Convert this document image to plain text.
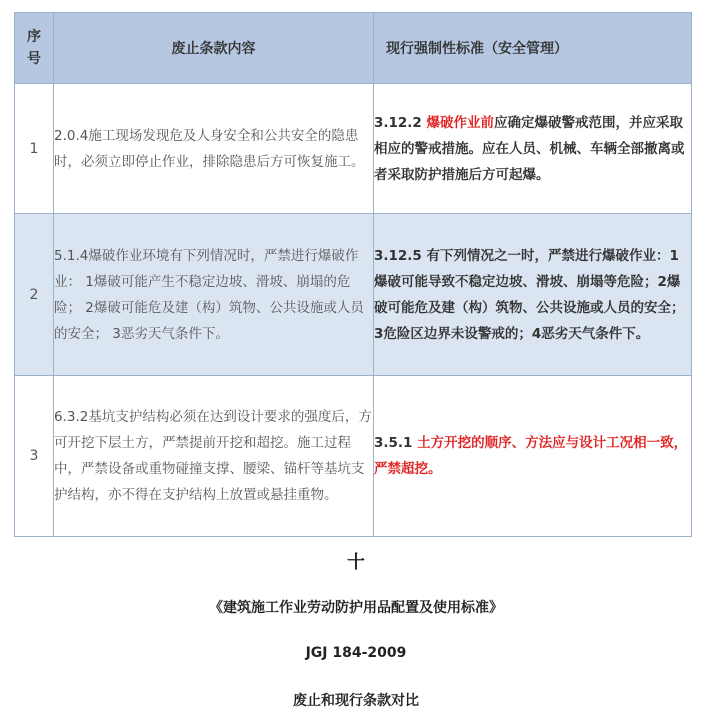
序
号	废止条款内容	现行强制性标准（安全管理）
1	2.0.4施工现场发现危及人身安全和公共安全的隐患时，必须立即停止作业，排除隐患后方可恢复施工。	3.12.2 爆破作业前应确定爆破警戒范围，并应采取相应的警戒措施。应在人员、机械、车辆全部撤离或者采取防护措施后方可起爆。
2	5.1.4爆破作业环境有下列情况时，严禁进行爆破作业： 1爆破可能产生不稳定边坡、滑坡、崩塌的危险； 2爆破可能危及建（构）筑物、公共设施或人员的安全； 3恶劣天气条件下。	3.12.5 有下列情况之一时，严禁进行爆破作业：1爆破可能导致不稳定边坡、滑坡、崩塌等危险；2爆破可能危及建（构）筑物、公共设施或人员的安全；3危险区边界未设警戒的；4恶劣天气条件下。
3	6.3.2基坑支护结构必须在达到设计要求的强度后，方可开挖下层土方，严禁提前开挖和超挖。施工过程中，严禁设备或重物碰撞支撑、腰梁、锚杆等基坑支护结构，亦不得在支护结构上放置或悬挂重物。	3.5.1 土方开挖的顺序、方法应与设计工况相一致，严禁超挖。
十
《建筑施工作业劳动防护用品配置及使用标准》
JGJ 184-2009
废止和现行条款对比
